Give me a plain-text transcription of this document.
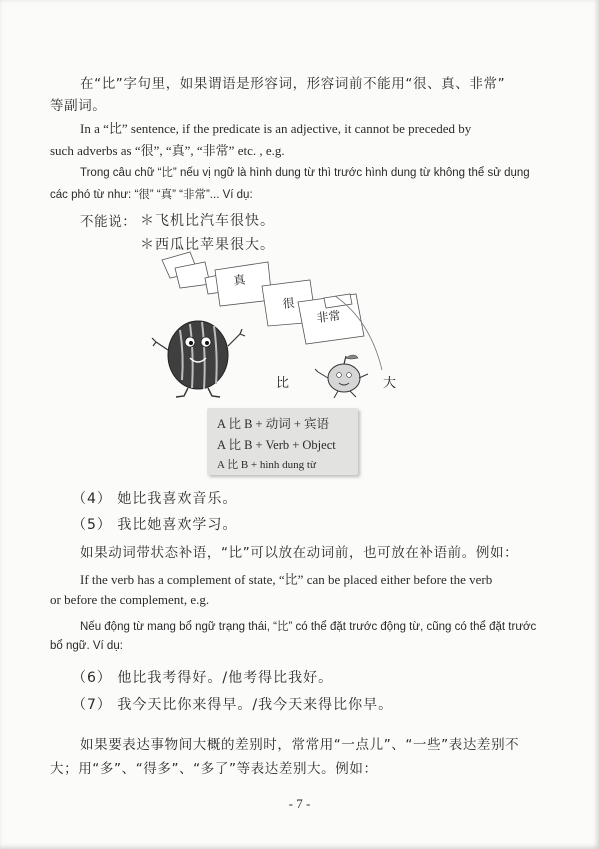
在“比”字句里，如果谓语是形容词，形容词前不能用“很、真、非常”
等副词。
In a “比” sentence, if the predicate is an adjective, it cannot be preceded by
such adverbs as “很”, “真”, “非常” etc. , e.g.
Trong câu chữ “比” nếu vị ngữ là hình dung từ thì trước hình dung từ không thể sử dụng
các phó từ như: “很” “真” “非常”... Ví dụ:
不能说： ＊飞机比汽车很快。
＊西瓜比苹果很大。
真
很
非常
比	大
A 比 B + 动词 + 宾语
A 比 B + Verb + Object
A 比 B + hình dung từ
（4） 她比我喜欢音乐。
（5） 我比她喜欢学习。
如果动词带状态补语，“比”可以放在动词前，也可放在补语前。例如：
If the verb has a complement of state, “比” can be placed either before the verb
or before the complement, e.g.
Nếu động từ mang bổ ngữ trạng thái, “比” có thể đặt trước động từ, cũng có thể đặt trước
bổ ngữ. Ví dụ:
（6） 他比我考得好。/他考得比我好。
（7） 我今天比你来得早。/我今天来得比你早。
如果要表达事物间大概的差别时，常常用“一点儿”、“一些”表达差别不
大；用“多”、“得多”、“多了”等表达差别大。例如：
- 7 -
